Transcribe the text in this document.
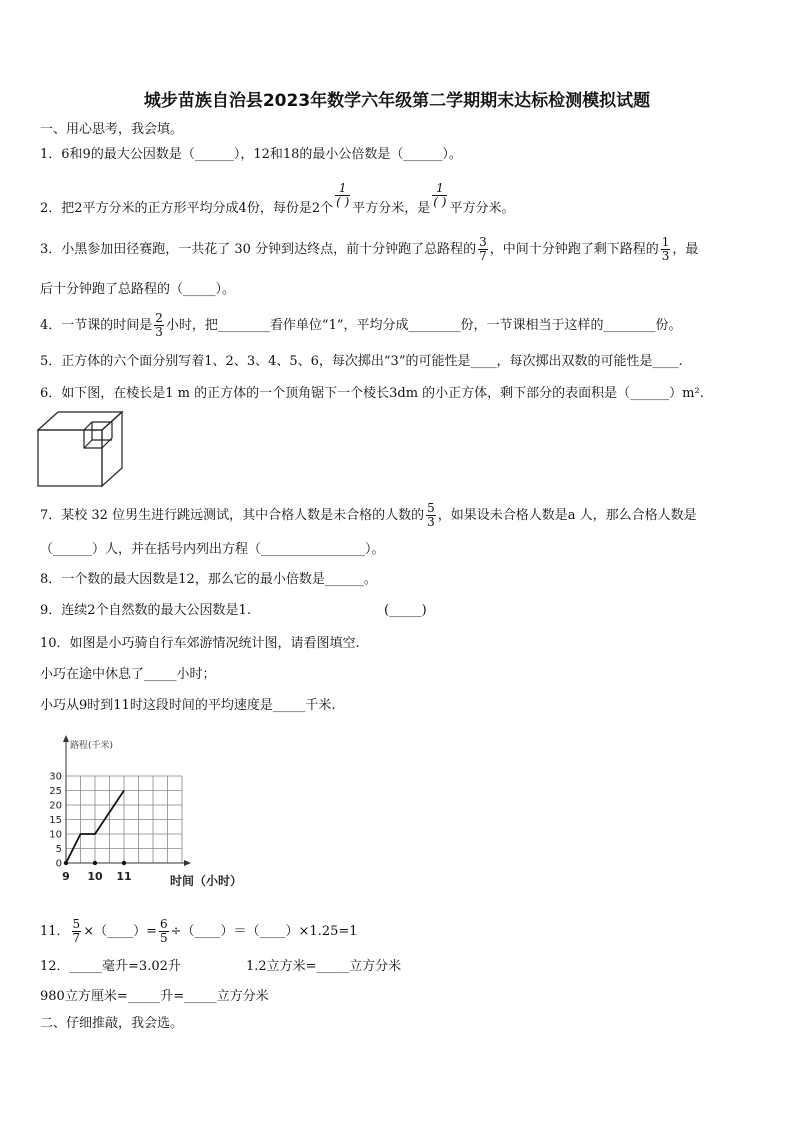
城步苗族自治县2023年数学六年级第二学期期末达标检测模拟试题
一、用心思考，我会填。
1．6和9的最大公因数是（______），12和18的最小公倍数是（______）。
2．把2平方分米的正方形平均分成4份，每份是2个 $\frac{1}{( )}$ 平方分米，是 $\frac{1}{( )}$ 平方分米。
3．小黑参加田径赛跑，一共花了 30 分钟到达终点，前十分钟跑了总路程的 $\frac{3}{7}$ ，中间十分钟跑了剩下路程的 $\frac{1}{3}$ ，最
后十分钟跑了总路程的（_____）。
4．一节课的时间是 $\frac{2}{3}$ 小时，把________看作单位“1”，平均分成________份，一节课相当于这样的________份。
5．正方体的六个面分别写着1、2、3、4、5、6，每次掷出“3”的可能性是____，每次掷出双数的可能性是____.
6．如下图，在棱长是1 m 的正方体的一个顶角锯下一个棱长3dm 的小正方体，剩下部分的表面积是（______）m².
7．某校 32 位男生进行跳远测试，其中合格人数是未合格的人数的 $\frac{5}{3}$ ，如果设未合格人数是a 人，那么合格人数是
（______）人，并在括号内列出方程（________________）。
8．一个数的最大因数是12，那么它的最小倍数是______。
9．连续2个自然数的最大公因数是1.	(_____)
10．如图是小巧骑自行车郊游情况统计图，请看图填空.
小巧在途中休息了_____小时；
小巧从9时到11时这段时间的平均速度是_____千米.
0
5
10
15
20
25
30
9 10 11
路程(千米)
时间（小时）
11． $\frac{5}{7}$ ×（____）= $\frac{6}{5}$ ÷（____）＝（____）×1.25=1
12．_____毫升=3.02升	1.2立方米=_____立方分米
980立方厘米=_____升=_____立方分米
二、仔细推敲，我会选。
